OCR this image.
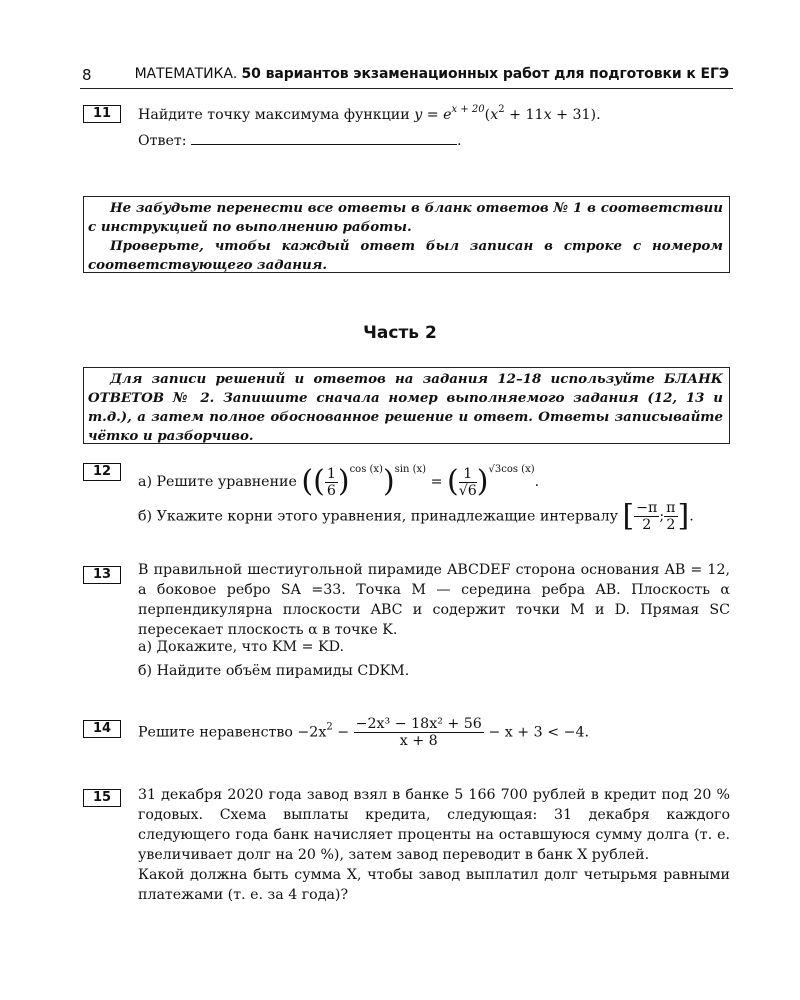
8	МАТЕМАТИКА. 50 вариантов экзаменационных работ для подготовки к ЕГЭ
11	Найдите точку максимума функции $y = e^{x + 20}(x^2 + 11x + 31)$.
Ответ:	.

Не забудьте перенести все ответы в бланк ответов № 1 в соответствии с инструкцией по выполнению работы.

Проверьте, чтобы каждый ответ был записан в строке с номером соответствующего задания.

Часть 2

Для записи решений и ответов на задания 12–18 используйте БЛАНК ОТВЕТОВ № 2. Запишите сначала номер выполняемого задания (12, 13 и т.д.), а затем полное обоснованное решение и ответ. Ответы записывайте чётко и разборчиво.

12
а) Решите уравнение (( $\frac{1}{6} )^{cos (x)})^{sin (x)}$ = ( $\frac{1}{√6} )^{√3cos (x)}$.
б) Укажите корни этого уравнения, принадлежащие интервалу [ $\frac{-\pi}{2}$ ; $\frac{\pi}{2}$ ].
13	В правильной шестиугольной пирамиде ABCDEF сторона основания AB = 12, а боковое ребро SA =33. Точка M — середина ребра AB. Плоскость α перпендикулярна плоскости ABC и содержит точки M и D. Прямая SC пересекает плоскость α в точке K.
а) Докажите, что KM = KD.
б) Найдите объём пирамиды CDKM.
14	Решите неравенство $-2x^2 - \frac{\text{−2x³ − 18x² + 56}}{x + 8} - x + 3 < -4$.
15	31 декабря 2020 года завод взял в банке 5 166 700 рублей в кредит под 20 % годовых. Схема выплаты кредита, следующая: 31 декабря каждого следующего года банк начисляет проценты на оставшуюся сумму долга (т. е. увеличивает долг на 20 %), затем завод переводит в банк X рублей.
Какой должна быть сумма X, чтобы завод выплатил долг четырьмя равными платежами (т. е. за 4 года)?
